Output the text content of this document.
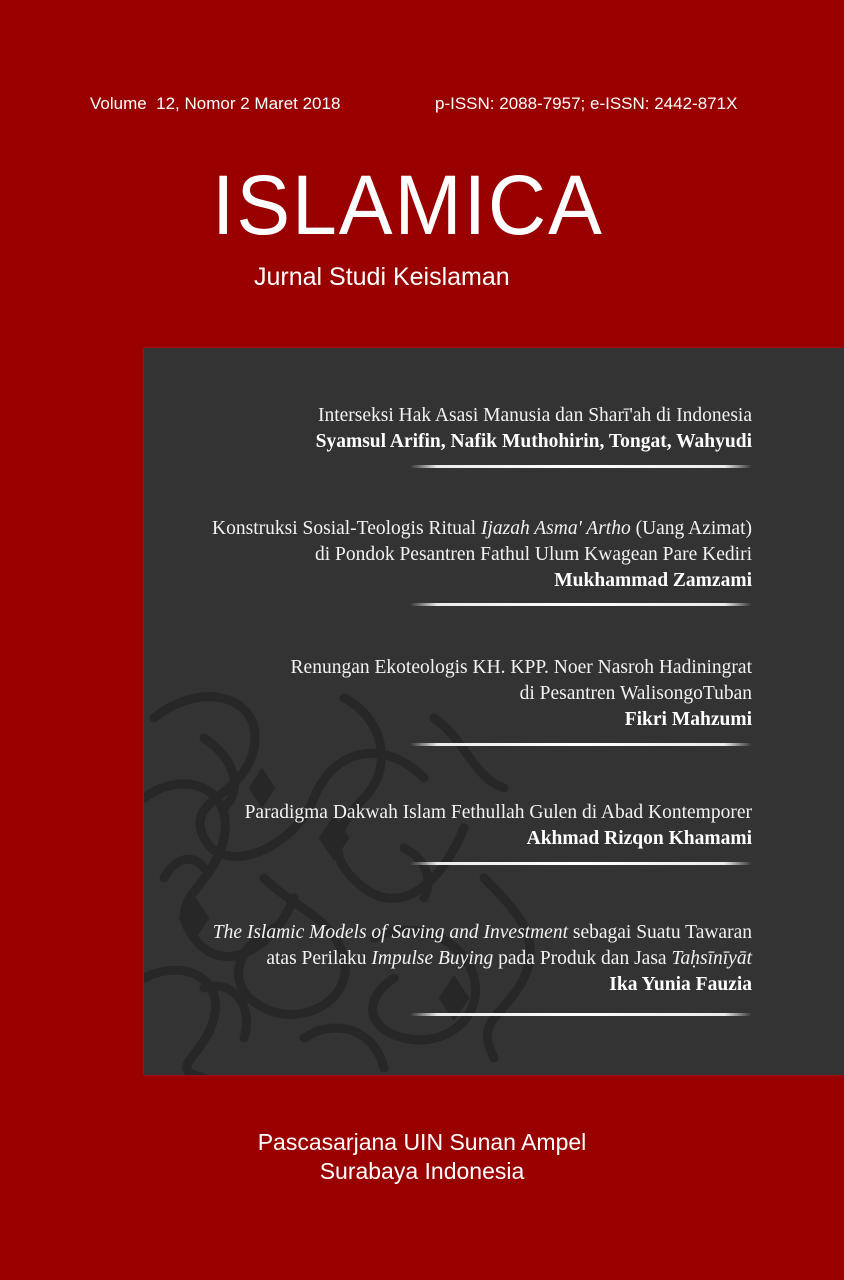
Volume  12, Nomor 2 Maret 2018	p-ISSN: 2088-7957; e-ISSN: 2442-871X
ISLAMICA
Jurnal Studi Keislaman
Interseksi Hak Asasi Manusia dan Sharī'ah di Indonesia
Syamsul Arifin, Nafik Muthohirin, Tongat, Wahyudi
Konstruksi Sosial-Teologis Ritual Ijazah Asma' Artho (Uang Azimat)
di Pondok Pesantren Fathul Ulum Kwagean Pare Kediri
Mukhammad Zamzami
Renungan Ekoteologis KH. KPP. Noer Nasroh Hadiningrat
di Pesantren WalisongoTuban
Fikri Mahzumi
Paradigma Dakwah Islam Fethullah Gulen di Abad Kontemporer
Akhmad Rizqon Khamami
The Islamic Models of Saving and Investment sebagai Suatu Tawaran
atas Perilaku Impulse Buying pada Produk dan Jasa Taḥsīnīyāt
Ika Yunia Fauzia
Pascasarjana UIN Sunan Ampel
Surabaya Indonesia
